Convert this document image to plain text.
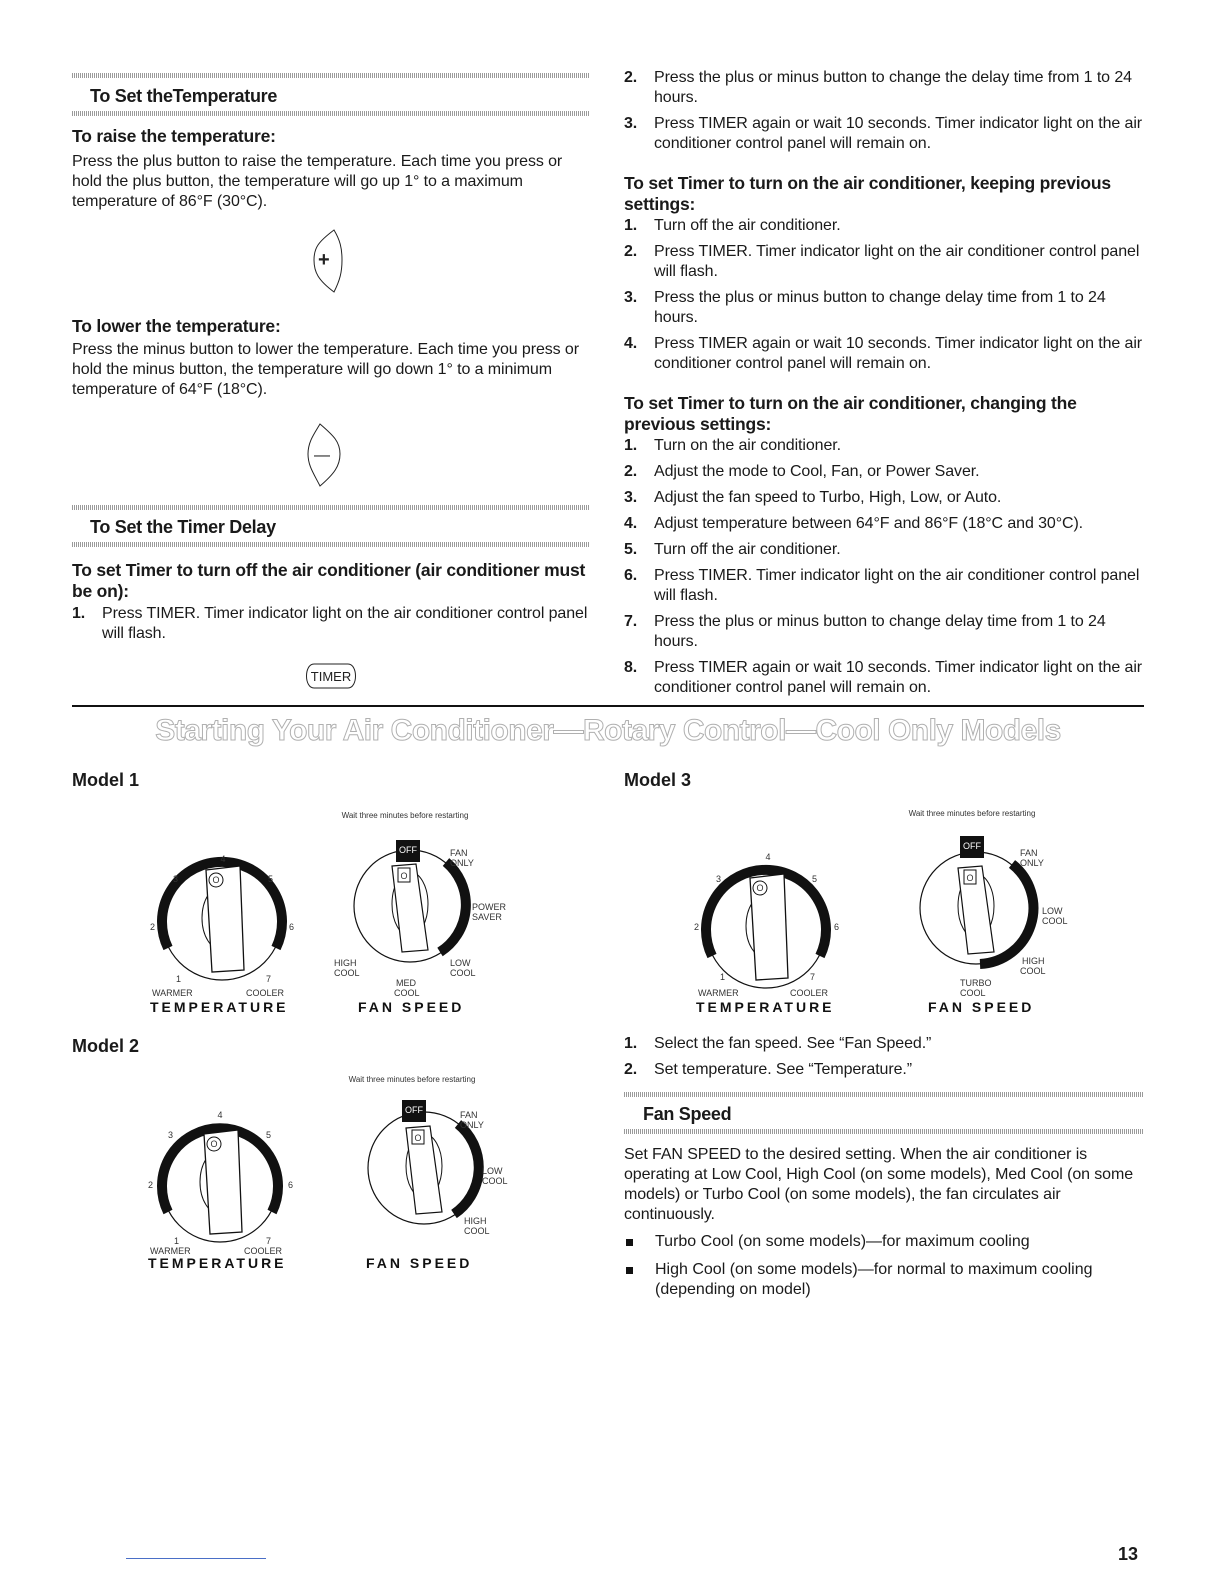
To Set theTemperature
To raise the temperature:
Press the plus button to raise the temperature. Each time you press or hold the plus button, the temperature will go up 1° to a maximum temperature of 86°F (30°C).
+
To lower the temperature:
Press the minus button to lower the temperature. Each time you press or hold the minus button, the temperature will go down 1° to a minimum temperature of 64°F (18°C).
—
To Set the Timer Delay
To set Timer to turn off the air conditioner (air conditioner must be on):
1. Press TIMER. Timer indicator light on the air conditioner control panel will flash.
TIMER
2. Press the plus or minus button to change the delay time from 1 to 24 hours.
3. Press TIMER again or wait 10 seconds. Timer indicator light on the air conditioner control panel will remain on.
To set Timer to turn on the air conditioner, keeping previous settings:
1. Turn off the air conditioner.
2. Press TIMER. Timer indicator light on the air conditioner control panel will flash.
3. Press the plus or minus button to change delay time from 1 to 24 hours.
4. Press TIMER again or wait 10 seconds. Timer indicator light on the air conditioner control panel will remain on.
To set Timer to turn on the air conditioner, changing the previous settings:
1. Turn on the air conditioner.
2. Adjust the mode to Cool, Fan, or Power Saver.
3. Adjust the fan speed to Turbo, High, Low, or Auto.
4. Adjust temperature between 64°F and 86°F (18°C and 30°C).
5. Turn off the air conditioner.
6. Press TIMER. Timer indicator light on the air conditioner control panel will flash.
7. Press the plus or minus button to change delay time from 1 to 24 hours.
8. Press TIMER again or wait 10 seconds. Timer indicator light on the air conditioner control panel will remain on.
Starting Your Air Conditioner—Rotary Control—Cool Only Models
Model 1	Model 3
Model 2
Wait three minutes before restarting
O
4
3	5
2	6
1	7
WARMER	COOLER
TEMPERATURE
OFF
O
FAN
ONLY
POWER
SAVER
LOW
COOL
HIGH
COOL
MED
COOL
FAN SPEED
Wait three minutes before restarting
O
4
3	5
2	6
1	7
WARMER	COOLER
TEMPERATURE
OFF
O
FAN
ONLY
LOW
COOL
HIGH
COOL
FAN SPEED
Wait three minutes before restarting
O
4
3	5
2	6
1	7
WARMER	COOLER
TEMPERATURE
OFF
O
FAN
ONLY
LOW
COOL
HIGH
COOL
TURBO
COOL
FAN SPEED
1. Select the fan speed. See “Fan Speed.”
2. Set temperature. See “Temperature.”
Fan Speed
Set FAN SPEED to the desired setting. When the air conditioner is operating at Low Cool, High Cool (on some models), Med Cool (on some models) or Turbo Cool (on some models), the fan circulates air continuously.
Turbo Cool (on some models)—for maximum cooling
High Cool (on some models)—for normal to maximum cooling (depending on model)
13
